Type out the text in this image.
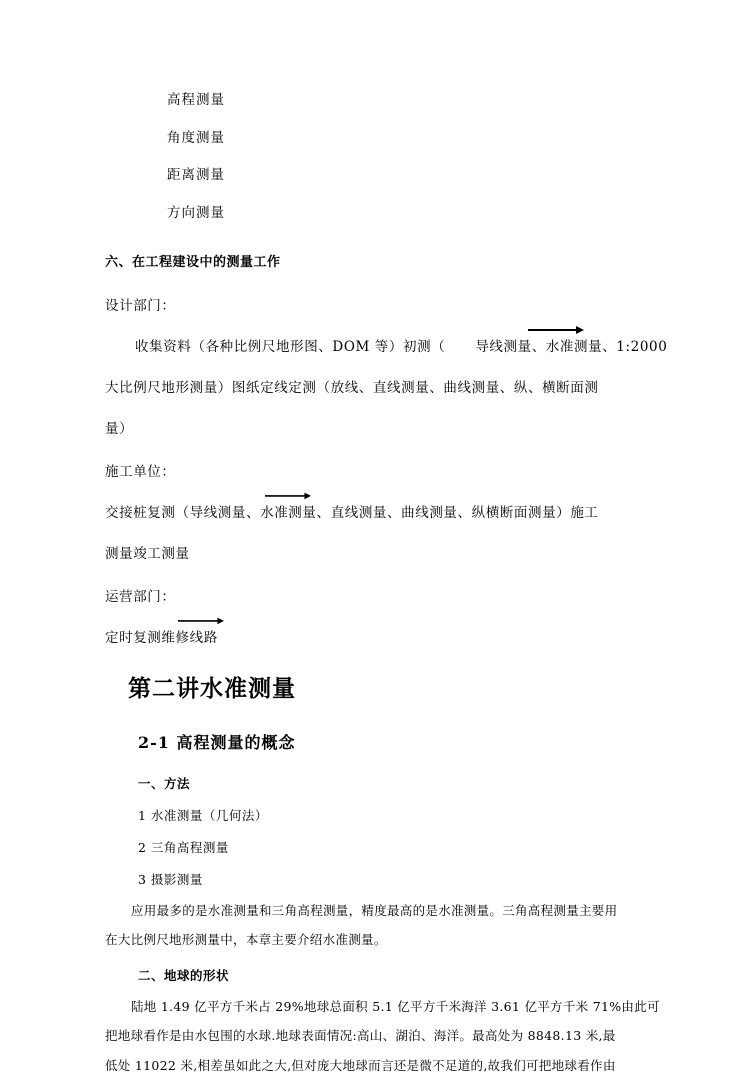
高程测量

角度测量

距离测量

方向测量

六、在工程建设中的测量工作

设计部门：

收集资料（各种比例尺地形图、DOM 等）初测（ 导线测量、水准测量、1:2000

大比例尺地形测量）图纸定线定测（放线、直线测量、曲线测量、纵、横断面测

量）

施工单位：

交接桩复测（导线测量、
水准测量、直线测量、曲线测量、纵横断面测量）施工

测量竣工测量

运营部门：

定时复测维修线路

第二讲水准测量
2-1 高程测量的概念
一、方法

1 水准测量（几何法）

2 三角高程测量

3 摄影测量

应用最多的是水准测量和三角高程测量，精度最高的是水准测量。三角高程测量主要用

在大比例尺地形测量中，本章主要介绍水准测量。

二、地球的形状

陆地 1.49 亿平方千米占 29%地球总面积 5.1 亿平方千米海洋 3.61 亿平方千米 71%由此可

把地球看作是由水包围的水球.地球表面情况:高山、湖泊、海洋。最高处为 8848.13 米,最

低处 11022 米,相差虽如此之大,但对庞大地球而言还是微不足道的,故我们可把地球看作由
